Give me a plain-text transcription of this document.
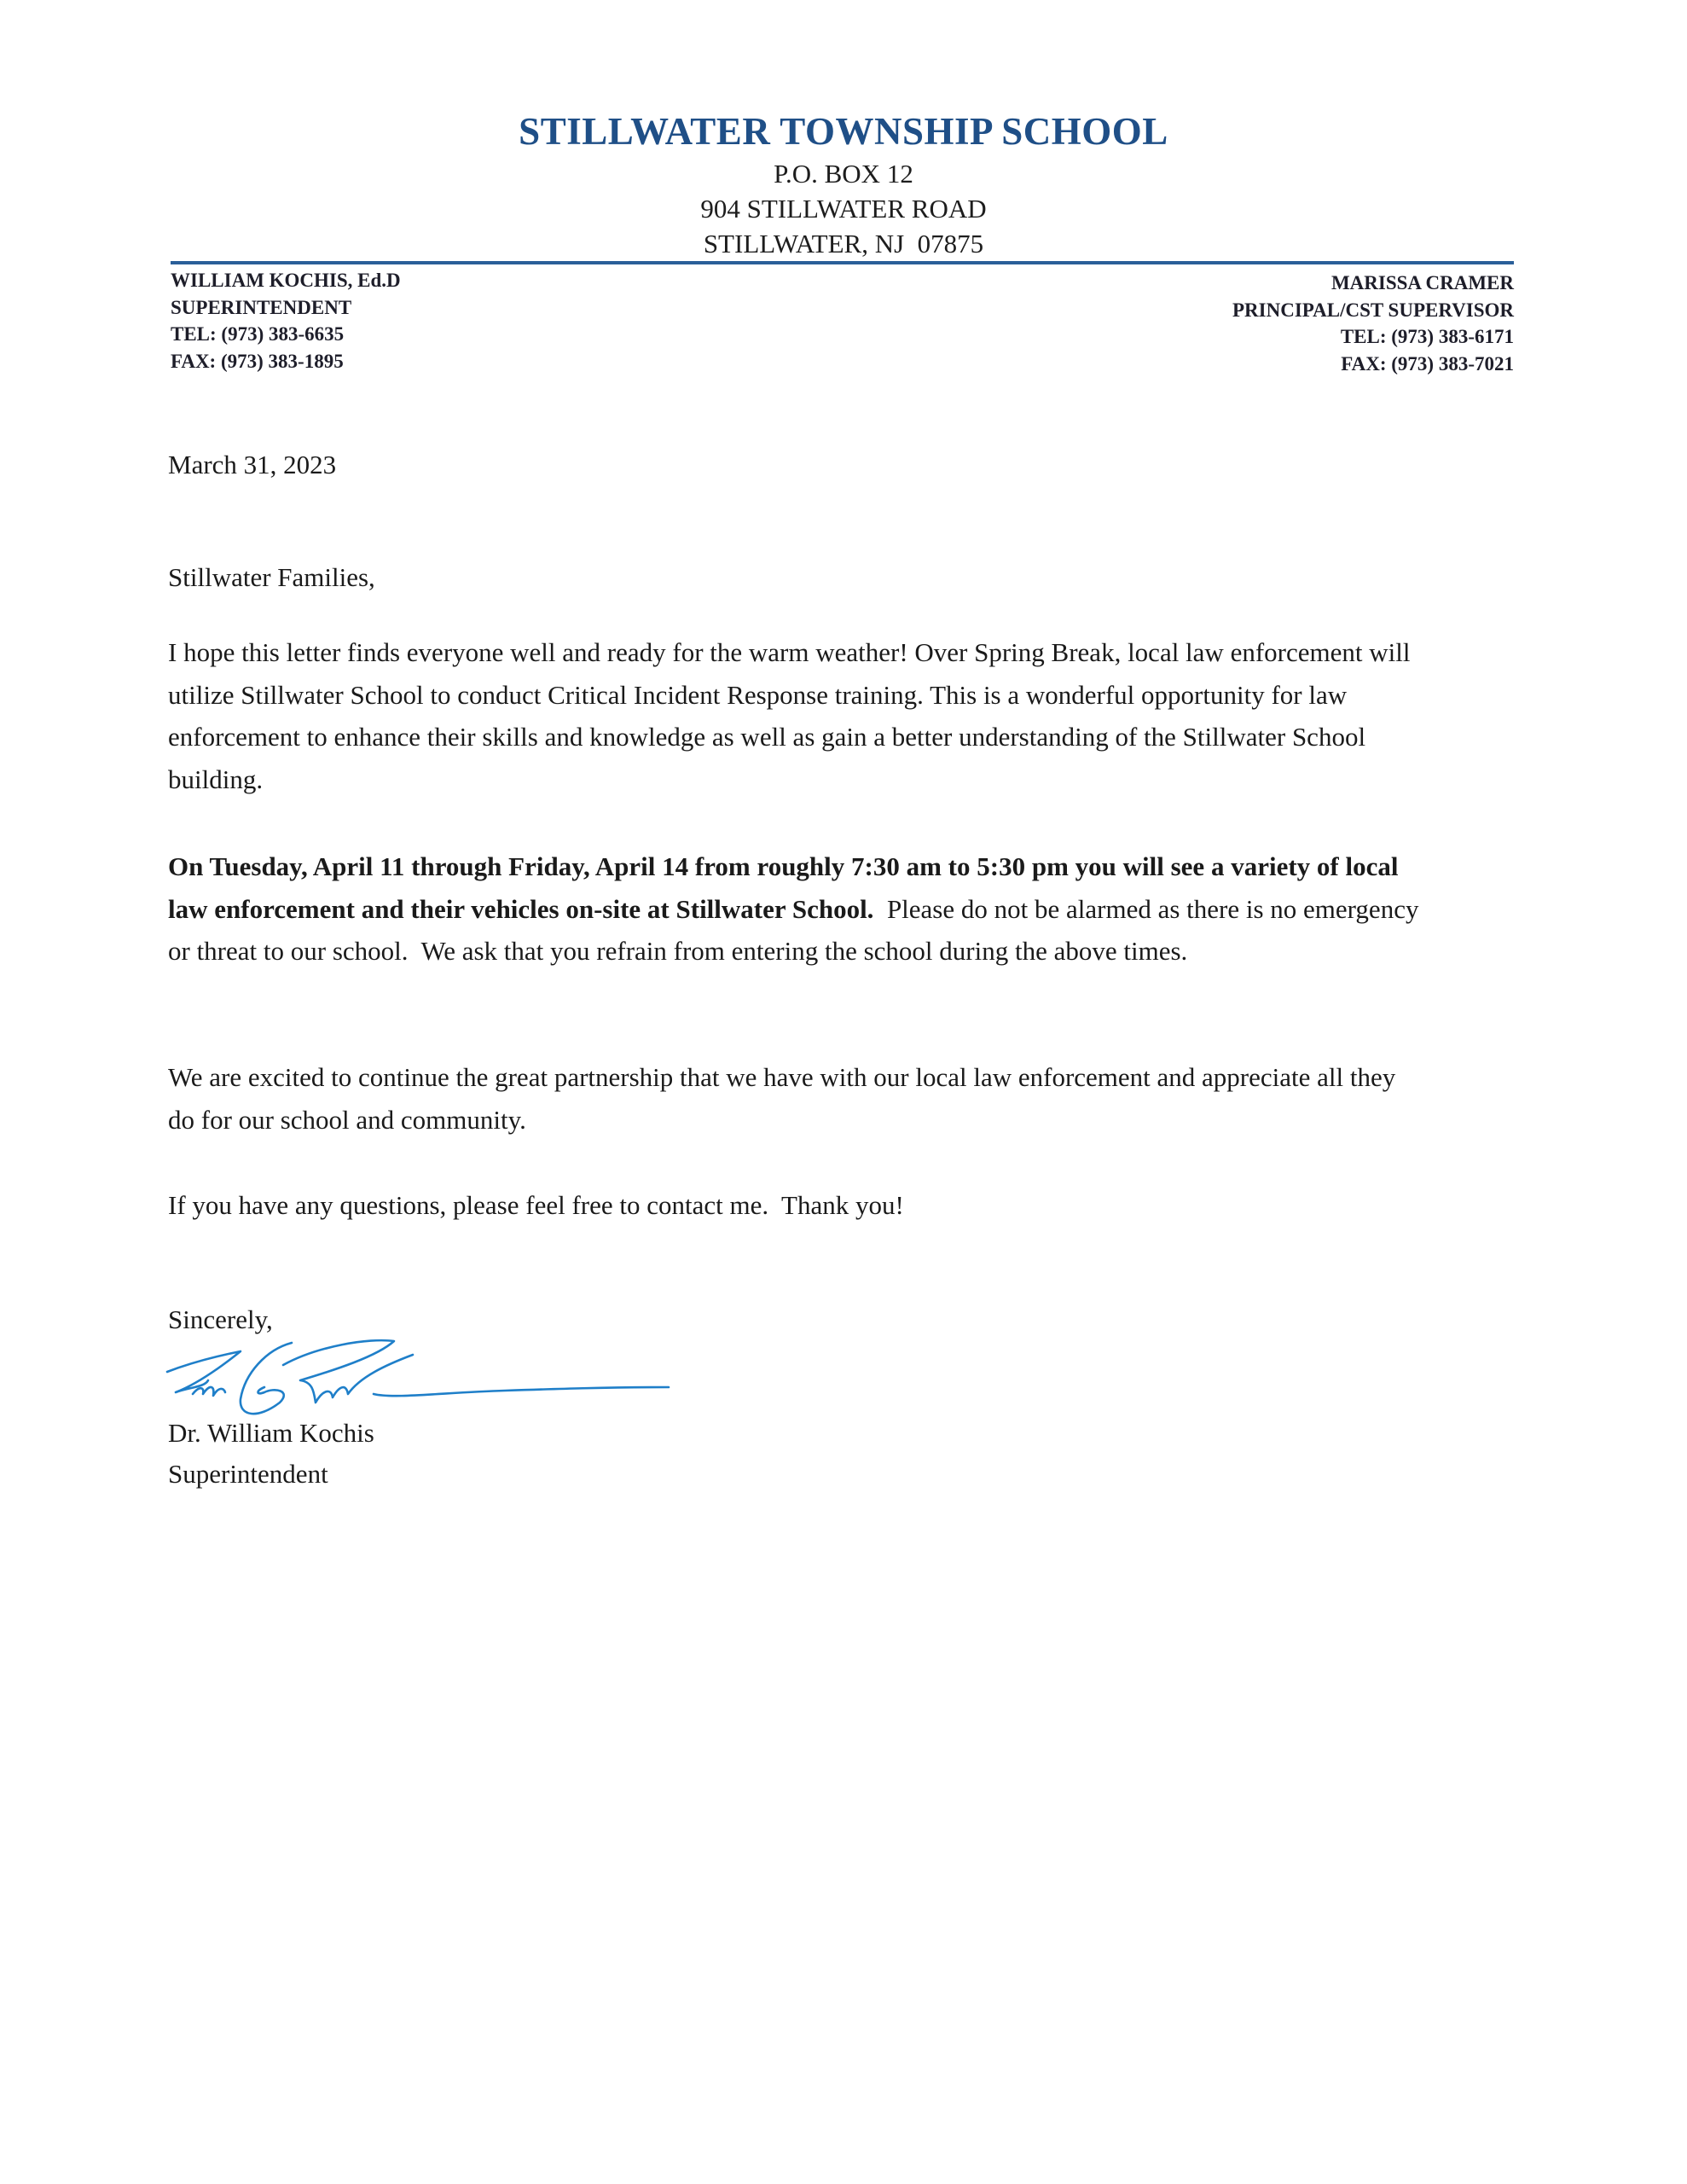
STILLWATER TOWNSHIP SCHOOL
P.O. BOX 12
904 STILLWATER ROAD
STILLWATER, NJ  07875
WILLIAM KOCHIS, Ed.D
SUPERINTENDENT
TEL: (973) 383-6635
FAX: (973) 383-1895
MARISSA CRAMER
PRINCIPAL/CST SUPERVISOR
TEL: (973) 383-6171
FAX: (973) 383-7021
March 31, 2023
Stillwater Families,

I hope this letter finds everyone well and ready for the warm weather! Over Spring Break, local law enforcement will utilize Stillwater School to conduct Critical Incident Response training. This is a wonderful opportunity for law enforcement to enhance their skills and knowledge as well as gain a better understanding of the Stillwater School building.

On Tuesday, April 11 through Friday, April 14 from roughly 7:30 am to 5:30 pm you will see a variety of local law enforcement and their vehicles on-site at Stillwater School.  Please do not be alarmed as there is no emergency or threat to our school.  We ask that you refrain from entering the school during the above times.

We are excited to continue the great partnership that we have with our local law enforcement and appreciate all they do for our school and community.

If you have any questions, please feel free to contact me.  Thank you!
Sincerely,
Dr. William Kochis
Superintendent
